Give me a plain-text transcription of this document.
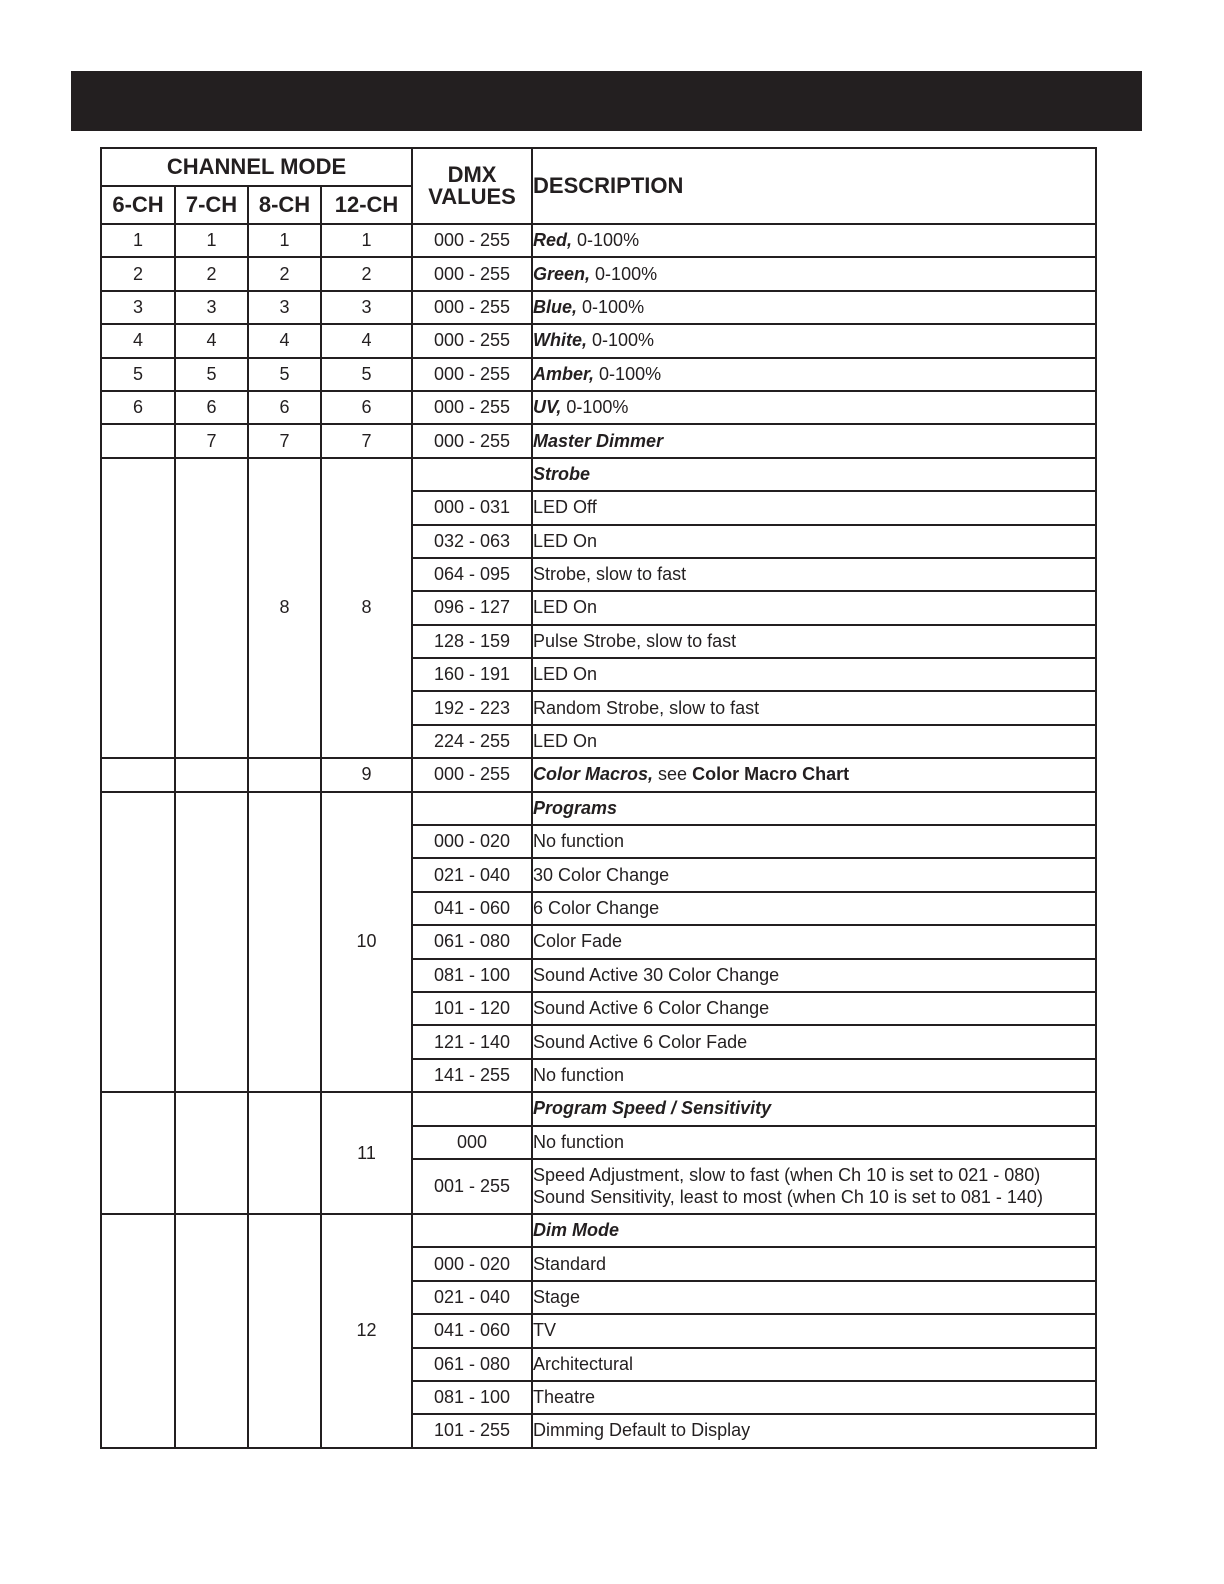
CHANNEL MODE				DMX
VALUES	DESCRIPTION
6-CH	7-CH	8-CH	12-CH		
1	1	1	1	000 - 255	Red, 0-100%
2	2	2	2	000 - 255	Green, 0-100%
3	3	3	3	000 - 255	Blue, 0-100%
4	4	4	4	000 - 255	White, 0-100%
5	5	5	5	000 - 255	Amber, 0-100%
6	6	6	6	000 - 255	UV, 0-100%
	7	7	7	000 - 255	Master Dimmer
		8	8		Strobe
				000 - 031	LED Off
				032 - 063	LED On
				064 - 095	Strobe, slow to fast
				096 - 127	LED On
				128 - 159	Pulse Strobe, slow to fast
				160 - 191	LED On
				192 - 223	Random Strobe, slow to fast
				224 - 255	LED On
			9	000 - 255	Color Macros, see Color Macro Chart
			10		Programs
				000 - 020	No function
				021 - 040	30 Color Change
				041 - 060	6 Color Change
				061 - 080	Color Fade
				081 - 100	Sound Active 30 Color Change
				101 - 120	Sound Active 6 Color Change
				121 - 140	Sound Active 6 Color Fade
				141 - 255	No function
			11		Program Speed / Sensitivity
				000	No function
				001 - 255	Speed Adjustment, slow to fast (when Ch 10 is set to 021 - 080)
Sound Sensitivity, least to most (when Ch 10 is set to 081 - 140)

			12		Dim Mode
				000 - 020	Standard
				021 - 040	Stage
				041 - 060	TV
				061 - 080	Architectural
				081 - 100	Theatre
				101 - 255	Dimming Default to Display
